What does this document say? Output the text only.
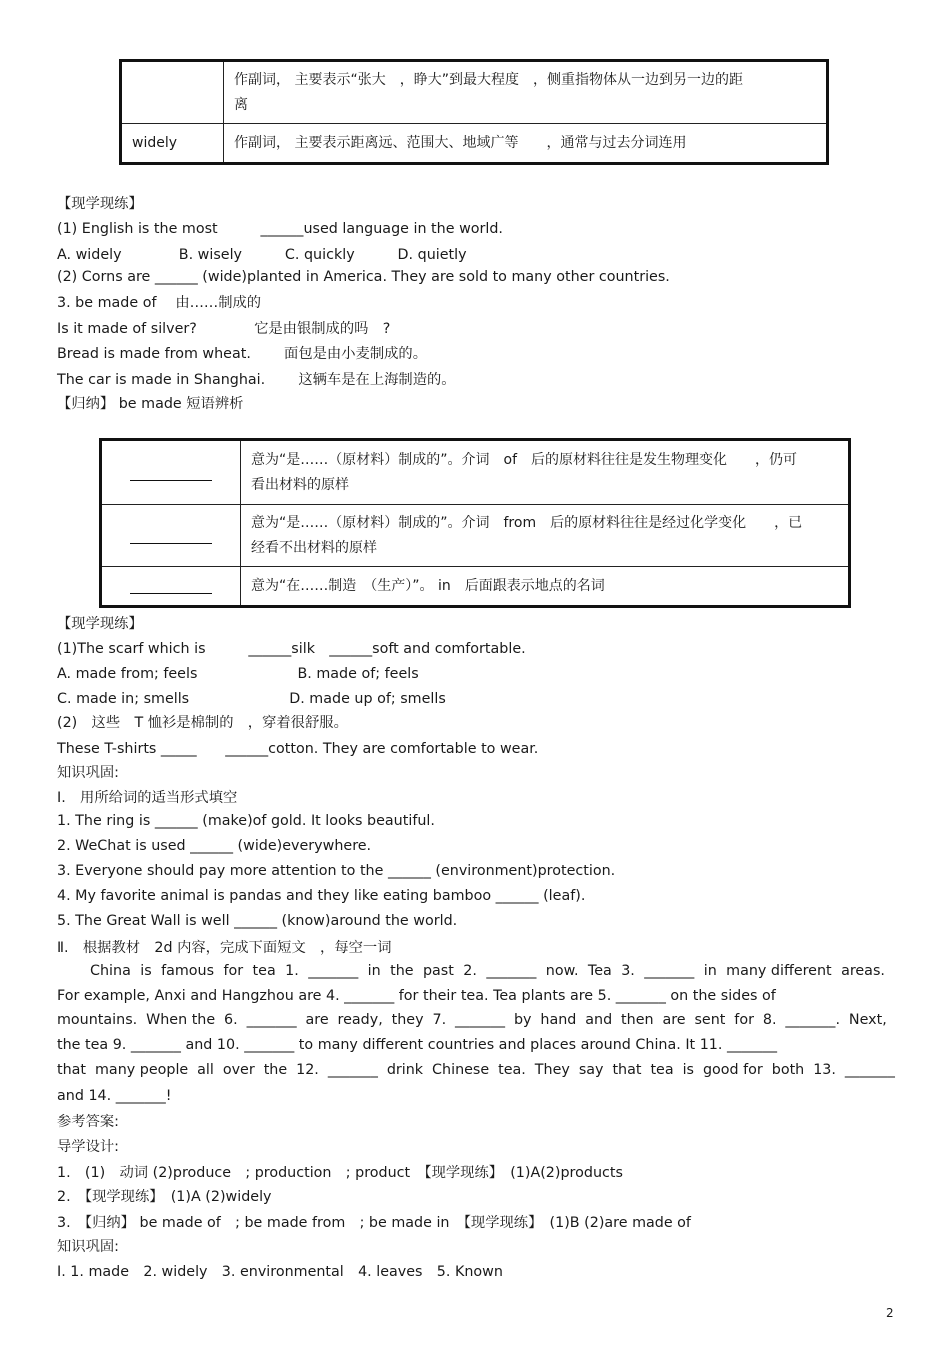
	作副词， 主要表示“张大　，睁大”到最大程度　，侧重指物体从一边到另一边的距
离

widely	作副词， 主要表示距离远、范围大、地域广等　　，通常与过去分词连用
【现学现练】
(1) English is the most　　　______used language in the world.
A. widely　　　　B. wisely　　　C. quickly　　　D. quietly
(2) Corns are ______ (wide)planted in America. They are sold to many other countries.
3. be made of　 由……制成的
Is it made of silver?　　　　它是由银制成的吗　?
Bread is made from wheat.　　 面包是由小麦制成的。
The car is made in Shanghai.　　 这辆车是在上海制造的。
【归纳】 be made 短语辨析

	意为“是……（原材料）制成的”。介词　of　后的原材料往往是发生物理变化　　，仍可
看出材料的原样

	意为“是……（原材料）制成的”。介词　from　后的原材料往往是经过化学变化　　，已
经看不出材料的原样

	意为“在……制造　（生产）”。 in　后面跟表示地点的名词
【现学现练】
(1)The scarf which is　　　______silk　______soft and comfortable.
A. made from; feels　　　　　　　B. made of; feels
C. made in; smells　　　　　　　D. made up of; smells
(2)　这些　T 恤衫是棉制的　，穿着很舒服。
These T-shirts _____　　______cotton. They are comfortable to wear.
知识巩固:
Ⅰ.　用所给词的适当形式填空
1. The ring is ______ (make)of gold. It looks beautiful.
2. WeChat is used ______ (wide)everywhere.
3. Everyone should pay more attention to the ______ (environment)protection.
4. My favorite animal is pandas and they like eating bamboo ______ (leaf).
5. The Great Wall is well ______ (know)around the world.
Ⅱ.　根据教材　2d 内容，完成下面短文　，每空一词
China is famous for tea 1. _______ in the past 2. _______ now. Tea 3. _______ in many different areas.
For example, Anxi and Hangzhou are 4. _______ for their tea. Tea plants are 5. _______ on the sides of
mountains. When the 6. _______ are ready, they 7. _______ by hand and then are sent for 8. _______. Next,
the tea 9. _______ and 10. _______ to many different countries and places around China. It 11. _______
that many people all over the 12. _______ drink Chinese tea. They say that tea is good for both 13. _______
and 14. _______!
参考答案:
导学设计:
1.　(1)　动词 (2)produce　; production　; product　【现学现练】　(1)A(2)products
2.　【现学现练】　(1)A (2)widely
3.　【归纳】 be made of　; be made from　; be made in　【现学现练】　(1)B (2)are made of
知识巩固:
Ⅰ. 1. made　2. widely　3. environmental　4. leaves　5. Known
2
